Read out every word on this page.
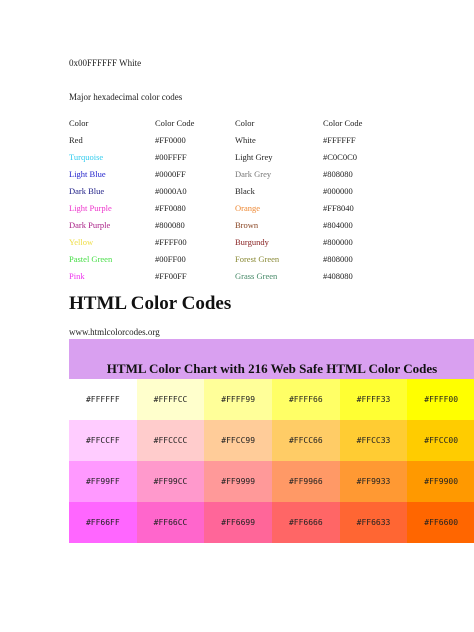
0x00FFFFFF White
Major hexadecimal color codes
Color	Color Code	Color	Color Code
Red	#FF0000	White	#FFFFFF
Turquoise	#00FFFF	Light Grey	#C0C0C0
Light Blue	#0000FF	Dark Grey	#808080
Dark Blue	#0000A0	Black	#000000
Light Purple	#FF0080	Orange	#FF8040
Dark Purple	#800080	Brown	#804000
Yellow	#FFFF00	Burgundy	#800000
Pastel Green	#00FF00	Forest Green	#808000
Pink	#FF00FF	Grass Green	#408080
HTML Color Codes
www.htmlcolorcodes.org
HTML Color Chart with 216 Web Safe HTML Color Codes
#FFFFFF	#FFFFCC	#FFFF99	#FFFF66	#FFFF33	#FFFF00
#FFCCFF	#FFCCCC	#FFCC99	#FFCC66	#FFCC33	#FFCC00
#FF99FF	#FF99CC	#FF9999	#FF9966	#FF9933	#FF9900
#FF66FF	#FF66CC	#FF6699	#FF6666	#FF6633	#FF6600
